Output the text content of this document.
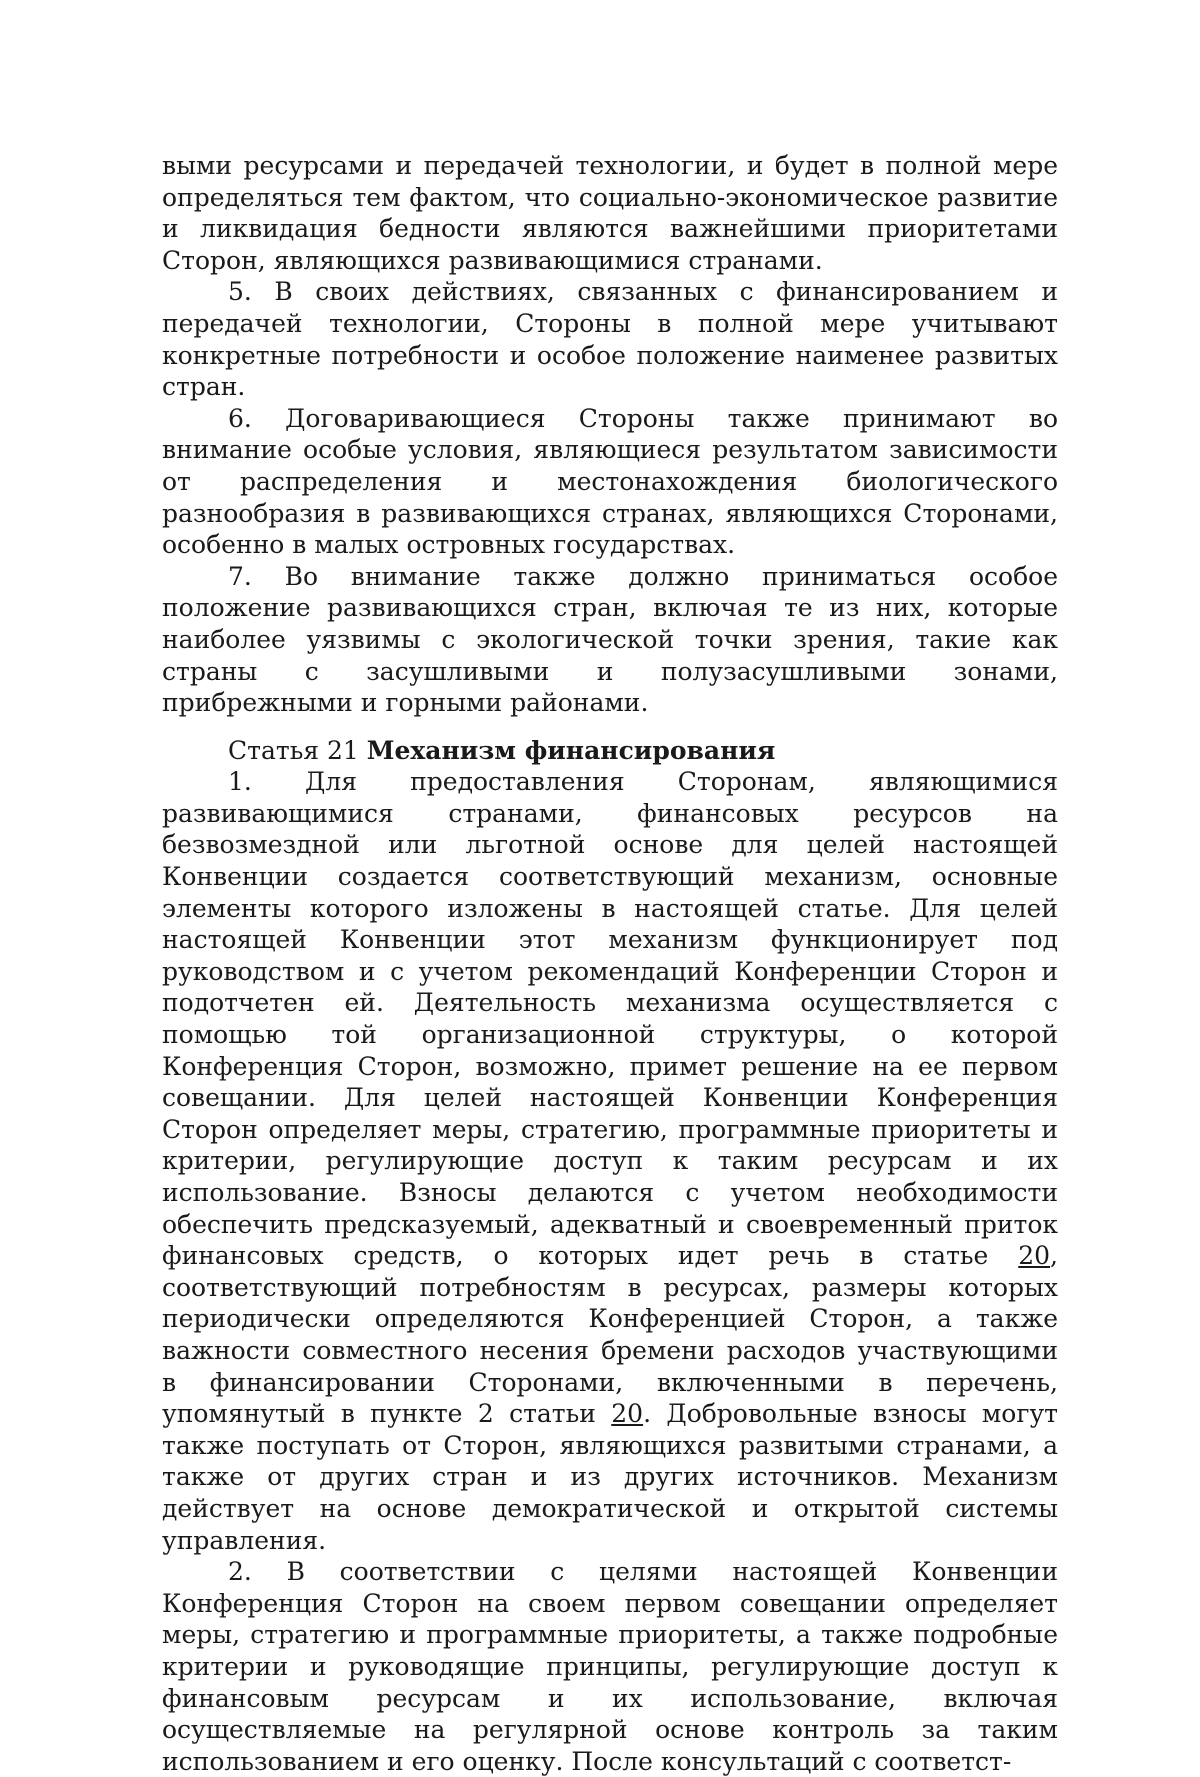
выми ресурсами и передачей технологии, и будет в полной мере определяться тем фактом, что социально-экономическое развитие и ликвидация бедности являются важнейшими приоритетами Сторон, являющихся развивающимися странами.

5. В своих действиях, связанных с финансированием и передачей технологии, Стороны в полной мере учитывают конкретные потребности и особое положение наименее развитых стран.

6. Договаривающиеся Стороны также принимают во внимание особые условия, являющиеся результатом зависимости от распределения и местонахождения биологического разнообразия в развивающихся странах, являющихся Сторонами, особенно в малых островных государствах.

7. Во внимание также должно приниматься особое положение развивающихся стран, включая те из них, которые наиболее уязвимы с экологической точки зрения, такие как страны с засушливыми и полузасушливыми зонами, прибрежными и горными районами.

Статья 21 Механизм финансирования

1. Для предоставления Сторонам, являющимися развивающимися странами, финансовых ресурсов на безвозмездной или льготной основе для целей настоящей Конвенции создается соответствующий механизм, основные элементы которого изложены в настоящей статье. Для целей настоящей Конвенции этот механизм функционирует под руководством и с учетом рекомендаций Конференции Сторон и подотчетен ей. Деятельность механизма осуществляется с помощью той организационной структуры, о которой Конференция Сторон, возможно, примет решение на ее первом совещании. Для целей настоящей Конвенции Конференция Сторон определяет меры, стратегию, программные приоритеты и критерии, регулирующие доступ к таким ресурсам и их использование. Взносы делаются с учетом необходимости обеспечить предсказуемый, адекватный и своевременный приток финансовых средств, о которых идет речь в статье 20, соответствующий потребностям в ресурсах, размеры которых периодически определяются Конференцией Сторон, а также важности совместного несения бремени расходов участвующими в финансировании Сторонами, включенными в перечень, упомянутый в пункте 2 статьи 20. Добровольные взносы могут также поступать от Сторон, являющихся развитыми странами, а также от других стран и из других источников. Механизм действует на основе демократической и открытой системы управления.

2. В соответствии с целями настоящей Конвенции Конференция Сторон на своем первом совещании определяет меры, стратегию и программные приоритеты, а также подробные критерии и руководящие принципы, регулирующие доступ к финансовым ресурсам и их использование, включая осуществляемые на регулярной основе контроль за таким использованием и его оценку. После консультаций с соответст-
